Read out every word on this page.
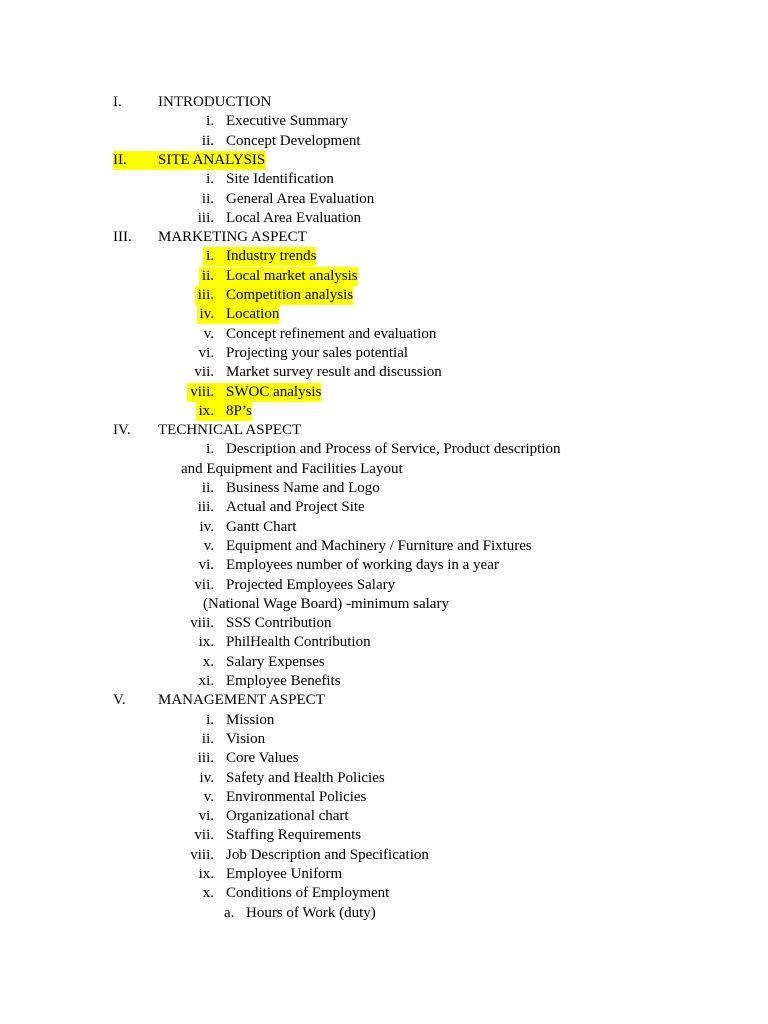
I. INTRODUCTION
i. Executive Summary
ii. Concept Development
II. SITE ANALYSIS
i. Site Identification
ii. General Area Evaluation
iii. Local Area Evaluation
III. MARKETING ASPECT
i. Industry trends
ii. Local market analysis
iii. Competition analysis
iv. Location
v. Concept refinement and evaluation
vi. Projecting your sales potential
vii. Market survey result and discussion
viii. SWOC analysis
ix. 8P’s
IV. TECHNICAL ASPECT
i. Description and Process of Service, Product description
and Equipment and Facilities Layout
ii. Business Name and Logo
iii. Actual and Project Site
iv. Gantt Chart
v. Equipment and Machinery / Furniture and Fixtures
vi. Employees number of working days in a year
vii. Projected Employees Salary
(National Wage Board) -minimum salary
viii. SSS Contribution
ix. PhilHealth Contribution
x. Salary Expenses
xi. Employee Benefits
V. MANAGEMENT ASPECT
i. Mission
ii. Vision
iii. Core Values
iv. Safety and Health Policies
v. Environmental Policies
vi. Organizational chart
vii. Staffing Requirements
viii. Job Description and Specification
ix. Employee Uniform
x. Conditions of Employment
a. Hours of Work (duty)
